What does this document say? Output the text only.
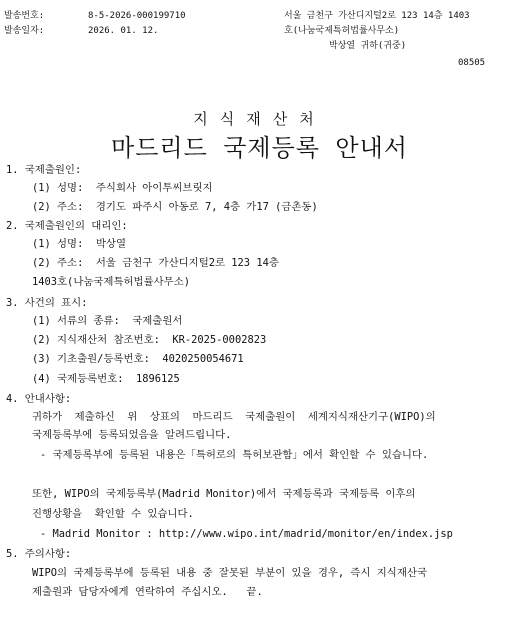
발송번호:	8-5-2026-000199710
발송일자:	2026. 01. 12.
서울 금천구 가산디지털2로 123 14층 1403
호(나눔국제특허법률사무소)
박상열 귀하(귀중)
08505
지식재산처
마드리드 국제등록 안내서
1. 국제출원인:
(1) 성명:  주식회사 아이투씨브릿지
(2) 주소:  경기도 파주시 아동로 7, 4층 가17 (금촌동)
2. 국제출원인의 대리인:
(1) 성명:  박상열
(2) 주소:  서울 금천구 가산디지털2로 123 14층
1403호(나눔국제특허법률사무소)
3. 사건의 표시:
(1) 서류의 종류:  국제출원서
(2) 지식재산처 참조번호:  KR-2025-0002823
(3) 기초출원/등록번호:  4020250054671
(4) 국제등록번호:  1896125
4. 안내사항:
귀하가  제출하신  위  상표의  마드리드  국제출원이  세계지식재산기구(WIPO)의
국제등록부에 등록되었음을 알려드립니다.
- 국제등록부에 등록된 내용은「특허로의 특허보관함」에서 확인할 수 있습니다.
또한, WIPO의 국제등록부(Madrid Monitor)에서 국제등록과 국제등록 이후의
진행상황을  확인할 수 있습니다.
- Madrid Monitor : http://www.wipo.int/madrid/monitor/en/index.jsp
5. 주의사항:
WIPO의 국제등록부에 등록된 내용 중 잘못된 부분이 있을 경우, 즉시 지식재산국
제출원과 담당자에게 연락하여 주십시오.   끝.
